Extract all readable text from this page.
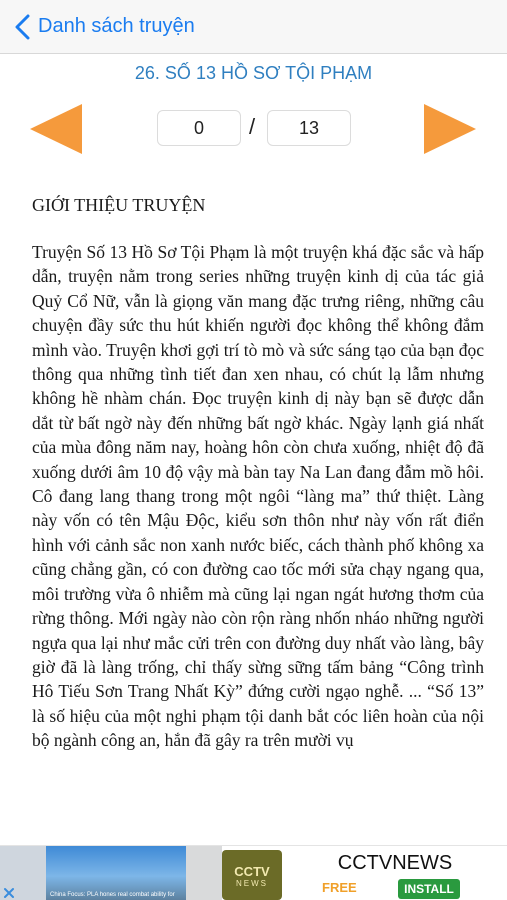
Danh sách truyện
26. SỐ 13 HỒ SƠ TỘI PHẠM
0	/	13
GIỚI THIỆU TRUYỆN
Truyện Số 13 Hồ Sơ Tội Phạm là một truyện khá đặc sắc và hấp dẫn, truyện nằm trong series những truyện kinh dị của tác giả Quỷ Cổ Nữ, vẫn là giọng văn mang đặc trưng riêng, những câu chuyện đầy sức thu hút khiến người đọc không thể không đắm mình vào. Truyện khơi gợi trí tò mò và sức sáng tạo của bạn đọc thông qua những tình tiết đan xen nhau, có chút lạ lẫm nhưng không hề nhàm chán. Đọc truyện kinh dị này bạn sẽ được dẫn dắt từ bất ngờ này đến những bất ngờ khác. Ngày lạnh giá nhất của mùa đông năm nay, hoàng hôn còn chưa xuống, nhiệt độ đã xuống dưới âm 10 độ vậy mà bàn tay Na Lan đang đẫm mồ hôi. Cô đang lang thang trong một ngôi “làng ma” thứ thiệt. Làng này vốn có tên Mậu Độc, kiểu sơn thôn như này vốn rất điển hình với cảnh sắc non xanh nước biếc, cách thành phố không xa cũng chẳng gần, có con đường cao tốc mới sửa chạy ngang qua, môi trường vừa ô nhiễm mà cũng lại ngan ngát hương thơm của rừng thông. Mới ngày nào còn rộn ràng nhốn nháo những người ngựa qua lại như mắc cửi trên con đường duy nhất vào làng, bây giờ đã là làng trống, chỉ thấy sừng sững tấm bảng “Công trình Hô Tiếu Sơn Trang Nhất Kỳ” đứng cười ngạo nghễ. ... “Số 13” là số hiệu của một nghi phạm tội danh bắt cóc liên hoàn của nội bộ ngành công an, hắn đã gây ra trên mười vụ
China Focus: PLA hones real combat ability for
CCTV
NEWS
CCTVNEWS
FREE	INSTALL
